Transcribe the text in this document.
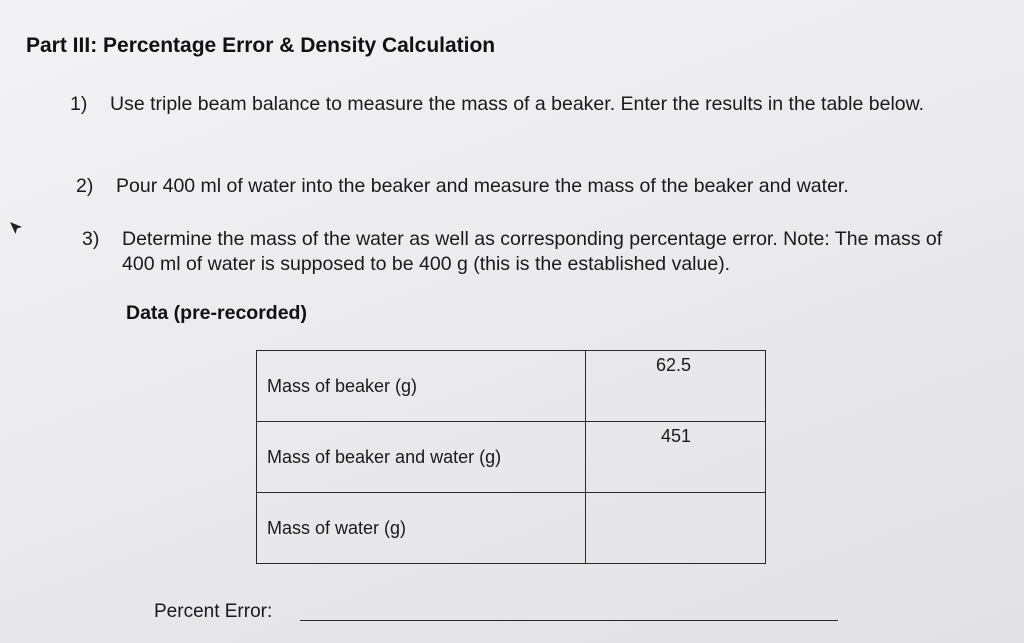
Part III: Percentage Error & Density Calculation
1) Use triple beam balance to measure the mass of a beaker. Enter the results in the table below.
2) Pour 400 ml of water into the beaker and measure the mass of the beaker and water.
3) Determine the mass of the water as well as corresponding percentage error. Note: The mass of 400 ml of water is supposed to be 400 g (this is the established value).
Data (pre-recorded)
Mass of beaker (g)	62.5
Mass of beaker and water (g)	451
Mass of water (g)	
Percent Error:
